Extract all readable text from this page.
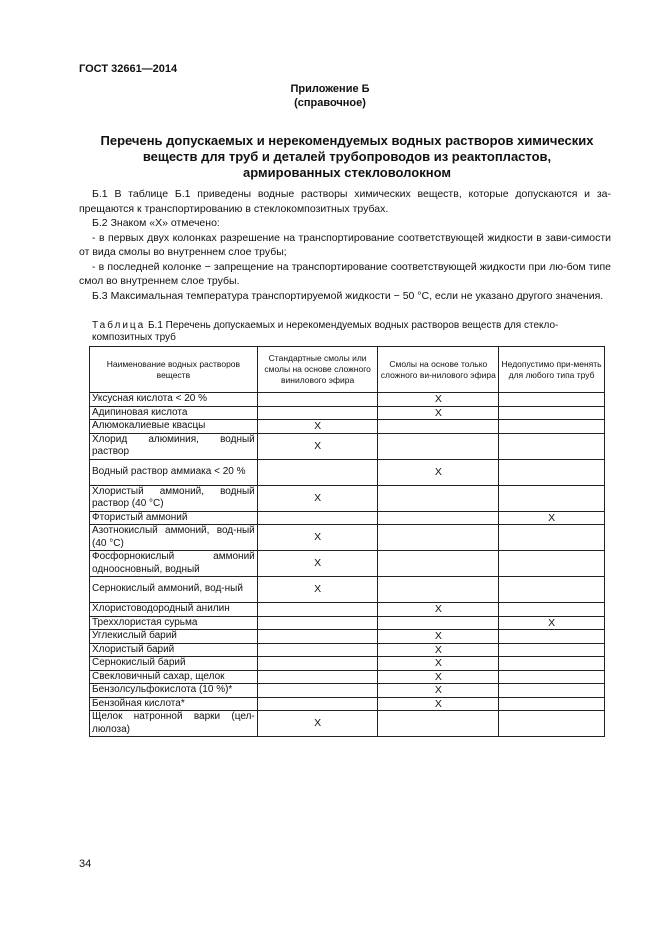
ГОСТ 32661—2014
Приложение Б
(справочное)
Перечень допускаемых и нерекомендуемых водных растворов химических
веществ для труб и деталей трубопроводов из реактопластов,
армированных стекловолокном
Б.1 В таблице Б.1 приведены водные растворы химических веществ, которые допускаются и за-прещаются к транспортированию в стеклокомпозитных трубах.
Б.2 Знаком «Х» отмечено:
- в первых двух колонках разрешение на транспортирование соответствующей жидкости в зави-симости от вида смолы во внутреннем слое трубы;
- в последней колонке − запрещение на транспортирование соответствующей жидкости при лю-бом типе смол во внутреннем слое трубы.
Б.3 Максимальная температура транспортируемой жидкости − 50 °С, если не указано другого значения.
Таблица Б.1 Перечень допускаемых и нерекомендуемых водных растворов веществ для стекло-композитных труб
Наименование водных растворов веществ	Стандартные смолы или смолы на основе сложного винилового эфира	Смолы на основе только сложного ви-нилового эфира	Недопустимо при-менять для любого типа труб
Уксусная кислота < 20 %		X	
Адипиновая кислота		X	
Алюмокалиевые квасцы	X		
Хлорид алюминия, водный раствор	X		
Водный раствор аммиака < 20 %		X	
Хлористый аммоний, водный раствор (40 °С)	X		
Фтористый аммоний			X
Азотнокислый аммоний, вод-ный (40 °С)	X		
Фосфорнокислый аммоний одноосновный, водный	X		
Сернокислый аммоний, вод-ный	X		
Хлористоводородный анилин		X	
Треххлористая сурьма			X
Углекислый барий		X	
Хлористый барий		X	
Сернокислый барий		X	
Свекловичный сахар, щелок		X	
Бензолсульфокислота (10 %)*		X	
Бензойная кислота*		X	
Щелок натронной варки (цел-люлоза)	X		
34
